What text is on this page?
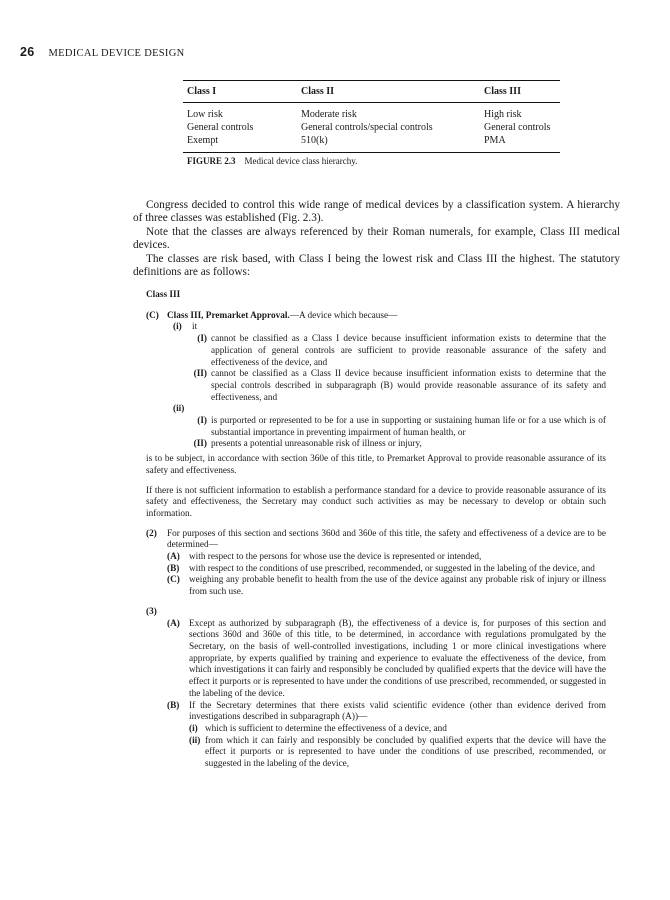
26 MEDICAL DEVICE DESIGN
Class I	Class II	Class III
Low risk	Moderate risk	High risk
General controls	General controls/special controls	General controls
Exempt	510(k)	PMA
FIGURE 2.3 Medical device class hierarchy.

Congress decided to control this wide range of medical devices by a classification system. A hierarchy of three classes was established (Fig. 2.3).

Note that the classes are always referenced by their Roman numerals, for example, Class III medical devices.

The classes are risk based, with Class I being the lowest risk and Class III the highest. The statutory definitions are as follows:

Class III
(C) Class III, Premarket Approval.—A device which because—
(i)	it
(I) cannot be classified as a Class I device because insufficient information exists to determine that the application of general controls are sufficient to provide reasonable assurance of the safety and effectiveness of the device, and
(II) cannot be classified as a Class II device because insufficient information exists to determine that the special controls described in subparagraph (B) would provide reasonable assurance of its safety and effectiveness, and
(ii)
(I) is purported or represented to be for a use in supporting or sustaining human life or for a use which is of substantial importance in preventing impairment of human health, or
(II) presents a potential unreasonable risk of illness or injury,
is to be subject, in accordance with section 360e of this title, to Premarket Approval to provide reasonable assurance of its safety and effectiveness.
If there is not sufficient information to establish a performance standard for a device to provide reasonable assurance of its safety and effectiveness, the Secretary may conduct such activities as may be necessary to develop or obtain such information.
(2)	For purposes of this section and sections 360d and 360e of this title, the safety and effectiveness of a device are to be determined—
(A) with respect to the persons for whose use the device is represented or intended,
(B)	with respect to the conditions of use prescribed, recommended, or suggested in the labeling of the device, and
(C) weighing any probable benefit to health from the use of the device against any probable risk of injury or illness from such use.
(3)
(A) Except as authorized by subparagraph (B), the effectiveness of a device is, for purposes of this section and sections 360d and 360e of this title, to be determined, in accordance with regulations promulgated by the Secretary, on the basis of well-controlled investigations, including 1 or more clinical investigations where appropriate, by experts qualified by training and experience to evaluate the effectiveness of the device, from which investigations it can fairly and responsibly be concluded by qualified experts that the device will have the effect it purports or is represented to have under the conditions of use prescribed, recommended, or suggested in the labeling of the device.
(B)	If the Secretary determines that there exists valid scientific evidence (other than evidence derived from investigations described in subparagraph (A))—
(i) which is sufficient to determine the effectiveness of a device, and
(ii) from which it can fairly and responsibly be concluded by qualified experts that the device will have the effect it purports or is represented to have under the conditions of use prescribed, recommended, or suggested in the labeling of the device,
